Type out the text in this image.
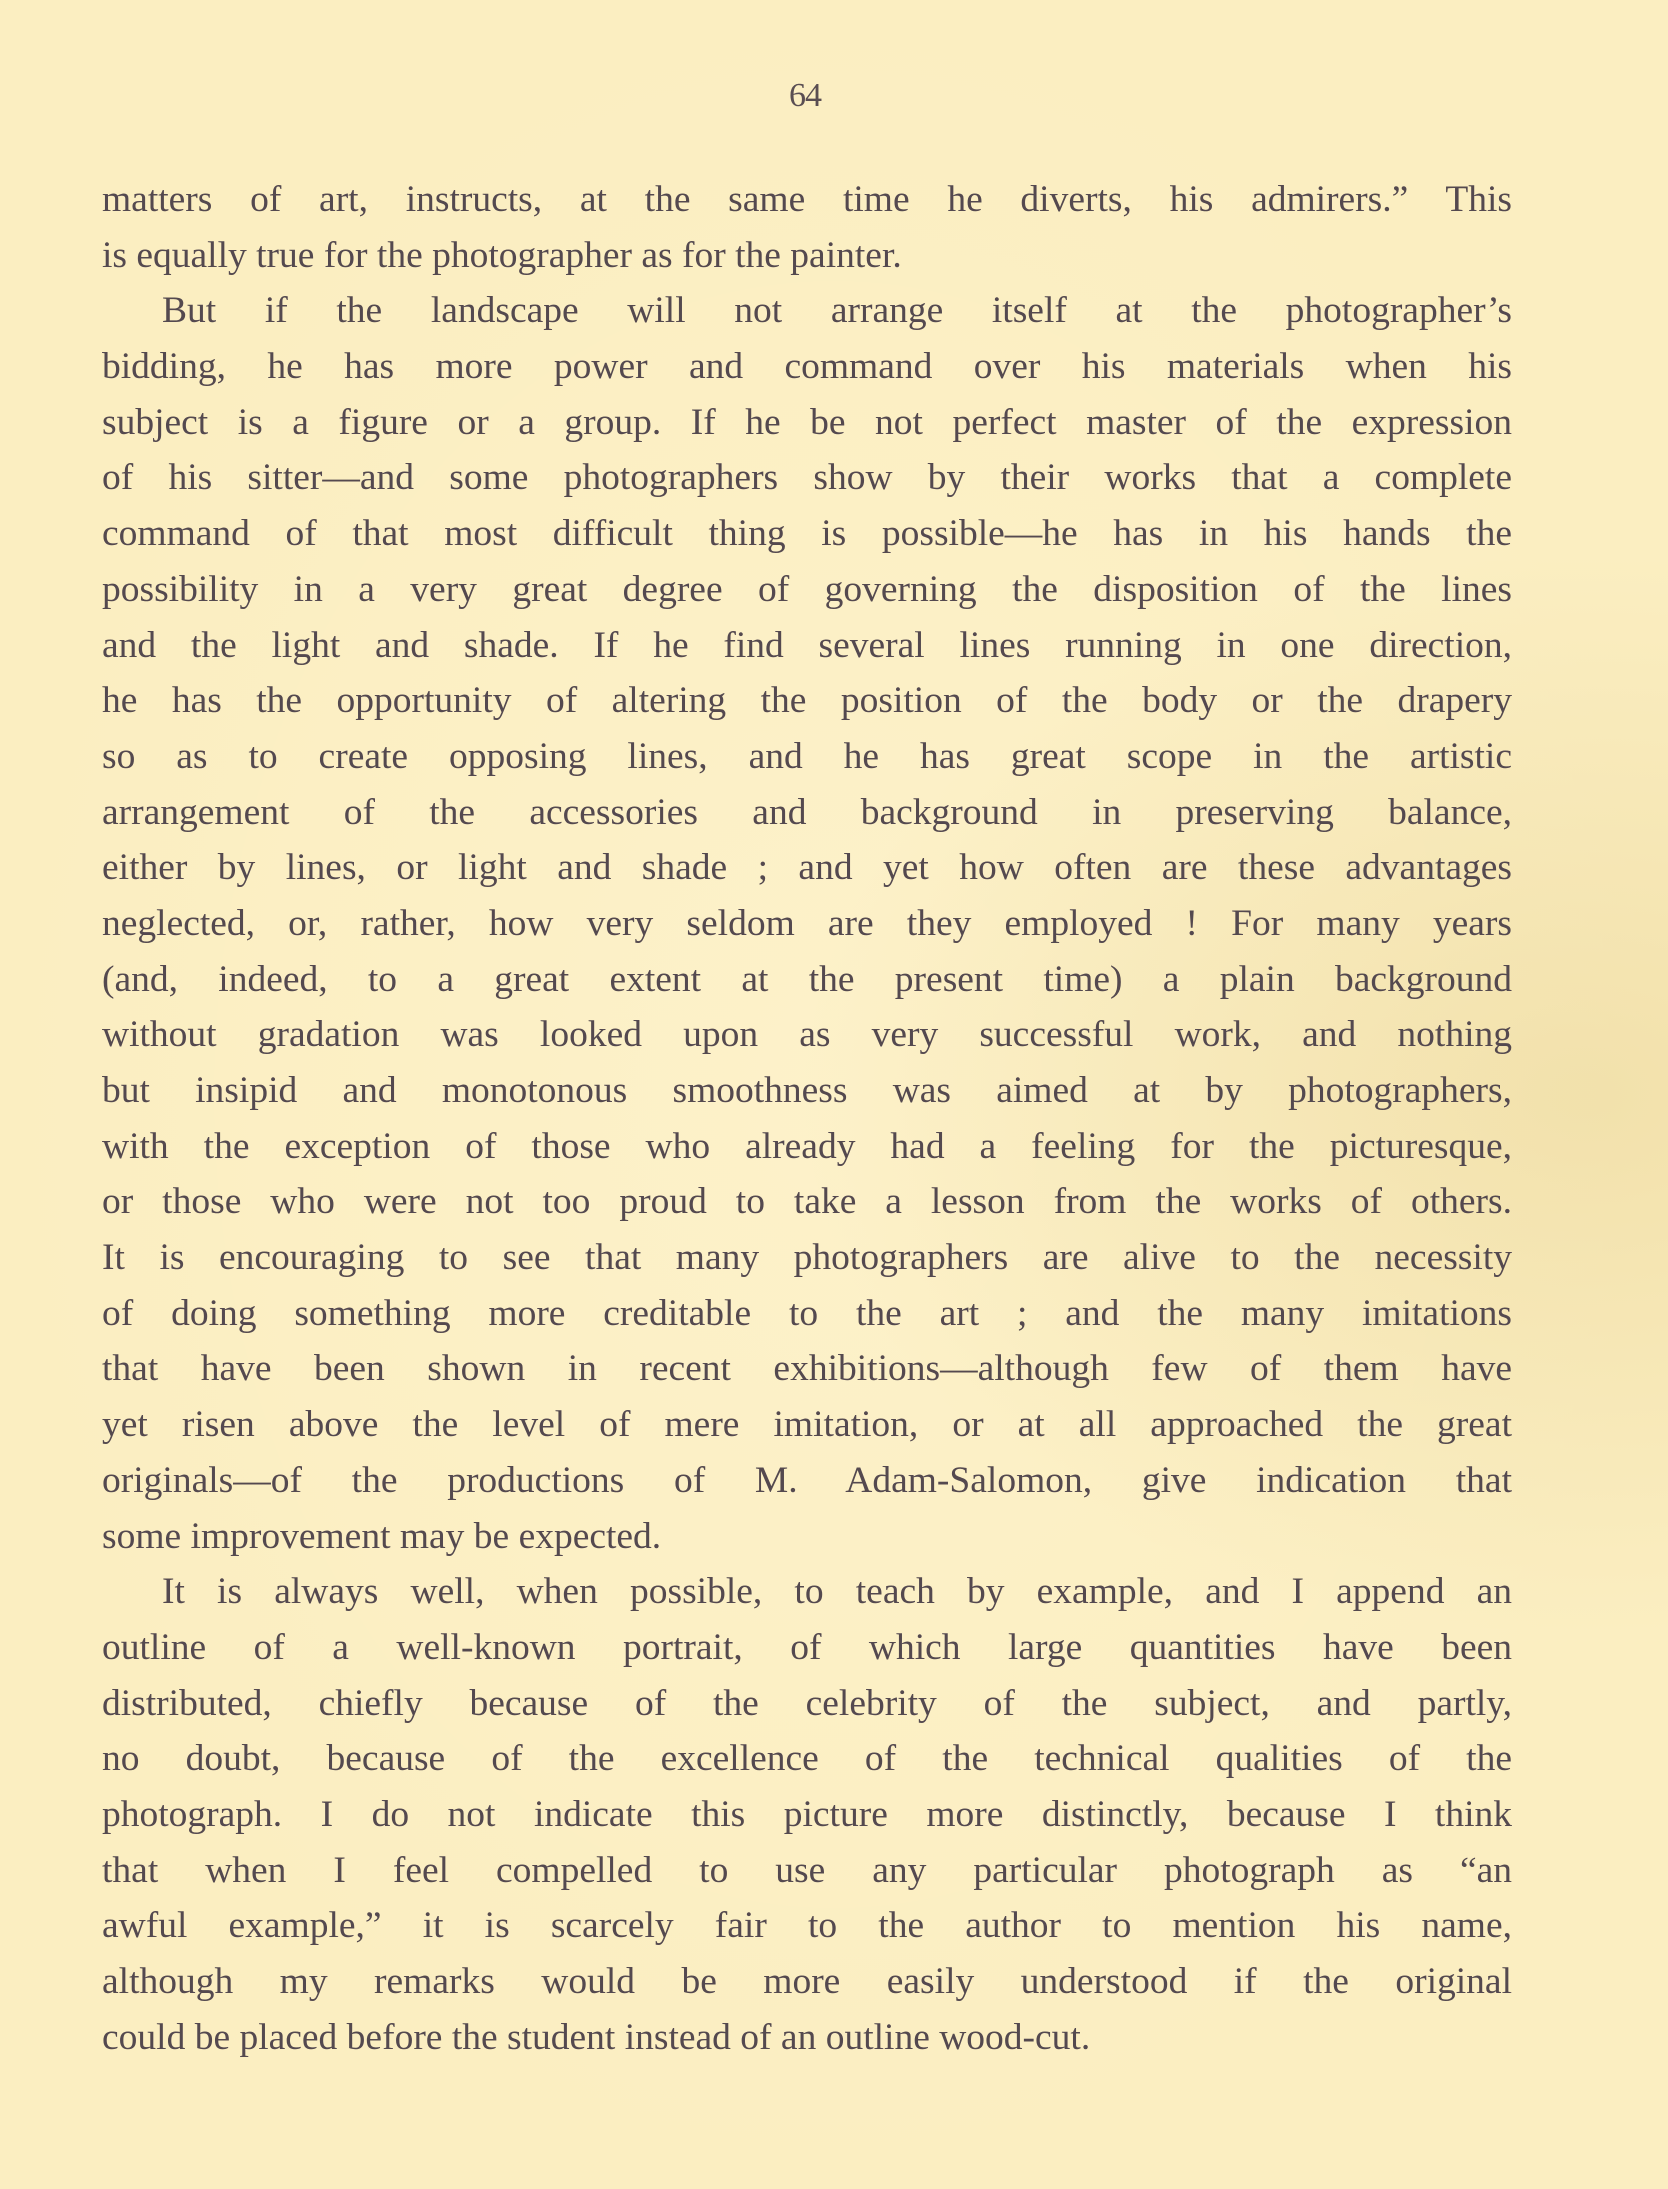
64
matters of art, instructs, at the same time he diverts, his admirers.” This
is equally true for the photographer as for the painter.
But if the landscape will not arrange itself at the photographer’s
bidding, he has more power and command over his materials when his
subject is a figure or a group. If he be not perfect master of the expression
of his sitter—and some photographers show by their works that a complete
command of that most difficult thing is possible—he has in his hands the
possibility in a very great degree of governing the disposition of the lines
and the light and shade. If he find several lines running in one direction,
he has the opportunity of altering the position of the body or the drapery
so as to create opposing lines, and he has great scope in the artistic
arrangement of the accessories and background in preserving balance,
either by lines, or light and shade ; and yet how often are these advantages
neglected, or, rather, how very seldom are they employed ! For many years
(and, indeed, to a great extent at the present time) a plain background
without gradation was looked upon as very successful work, and nothing
but insipid and monotonous smoothness was aimed at by photographers,
with the exception of those who already had a feeling for the picturesque,
or those who were not too proud to take a lesson from the works of others.
It is encouraging to see that many photographers are alive to the necessity
of doing something more creditable to the art ; and the many imitations
that have been shown in recent exhibitions—although few of them have
yet risen above the level of mere imitation, or at all approached the great
originals—of the productions of M. Adam-Salomon, give indication that
some improvement may be expected.
It is always well, when possible, to teach by example, and I append an
outline of a well-known portrait, of which large quantities have been
distributed, chiefly because of the celebrity of the subject, and partly,
no doubt, because of the excellence of the technical qualities of the
photograph. I do not indicate this picture more distinctly, because I think
that when I feel compelled to use any particular photograph as “an
awful example,” it is scarcely fair to the author to mention his name,
although my remarks would be more easily understood if the original
could be placed before the student instead of an outline wood-cut.
